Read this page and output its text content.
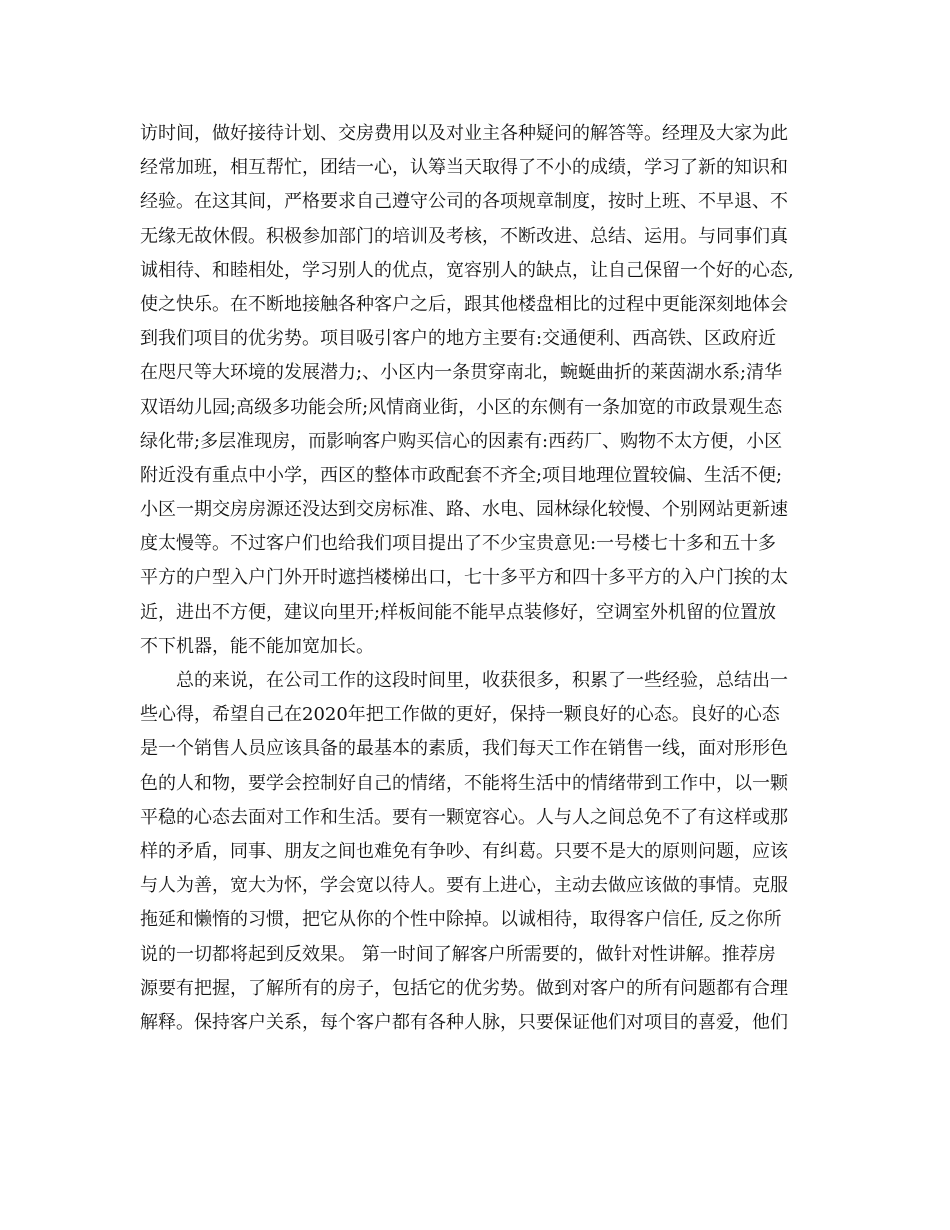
访时间，做好接待计划、交房费用以及对业主各种疑问的解答等。经理及大家为此
经常加班，相互帮忙，团结一心，认筹当天取得了不小的成绩，学习了新的知识和
经验。在这其间，严格要求自己遵守公司的各项规章制度，按时上班、不早退、不
无缘无故休假。积极参加部门的培训及考核，不断改进、总结、运用。与同事们真
诚相待、和睦相处，学习别人的优点，宽容别人的缺点，让自己保留一个好的心态,
使之快乐。在不断地接触各种客户之后，跟其他楼盘相比的过程中更能深刻地体会
到我们项目的优劣势。项目吸引客户的地方主要有:交通便利、西高铁、区政府近
在咫尺等大环境的发展潜力;、小区内一条贯穿南北，蜿蜒曲折的莱茵湖水系;清华
双语幼儿园;高级多功能会所;风情商业街，小区的东侧有一条加宽的市政景观生态
绿化带;多层准现房，而影响客户购买信心的因素有:西药厂、购物不太方便，小区
附近没有重点中小学，西区的整体市政配套不齐全;项目地理位置较偏、生活不便;
小区一期交房房源还没达到交房标准、路、水电、园林绿化较慢、个别网站更新速
度太慢等。不过客户们也给我们项目提出了不少宝贵意见:一号楼七十多和五十多
平方的户型入户门外开时遮挡楼梯出口，七十多平方和四十多平方的入户门挨的太
近，进出不方便，建议向里开;样板间能不能早点装修好，空调室外机留的位置放
不下机器，能不能加宽加长。
　　总的来说，在公司工作的这段时间里，收获很多，积累了一些经验，总结出一
些心得，希望自己在2020年把工作做的更好，保持一颗良好的心态。良好的心态
是一个销售人员应该具备的最基本的素质，我们每天工作在销售一线，面对形形色
色的人和物，要学会控制好自己的情绪，不能将生活中的情绪带到工作中，以一颗
平稳的心态去面对工作和生活。要有一颗宽容心。人与人之间总免不了有这样或那
样的矛盾，同事、朋友之间也难免有争吵、有纠葛。只要不是大的原则问题，应该
与人为善，宽大为怀，学会宽以待人。要有上进心，主动去做应该做的事情。克服
拖延和懒惰的习惯，把它从你的个性中除掉。以诚相待，取得客户信任, 反之你所
说的一切都将起到反效果。 第一时间了解客户所需要的，做针对性讲解。推荐房
源要有把握，了解所有的房子，包括它的优劣势。做到对客户的所有问题都有合理
解释。保持客户关系，每个客户都有各种人脉，只要保证他们对项目的喜爱，他们
